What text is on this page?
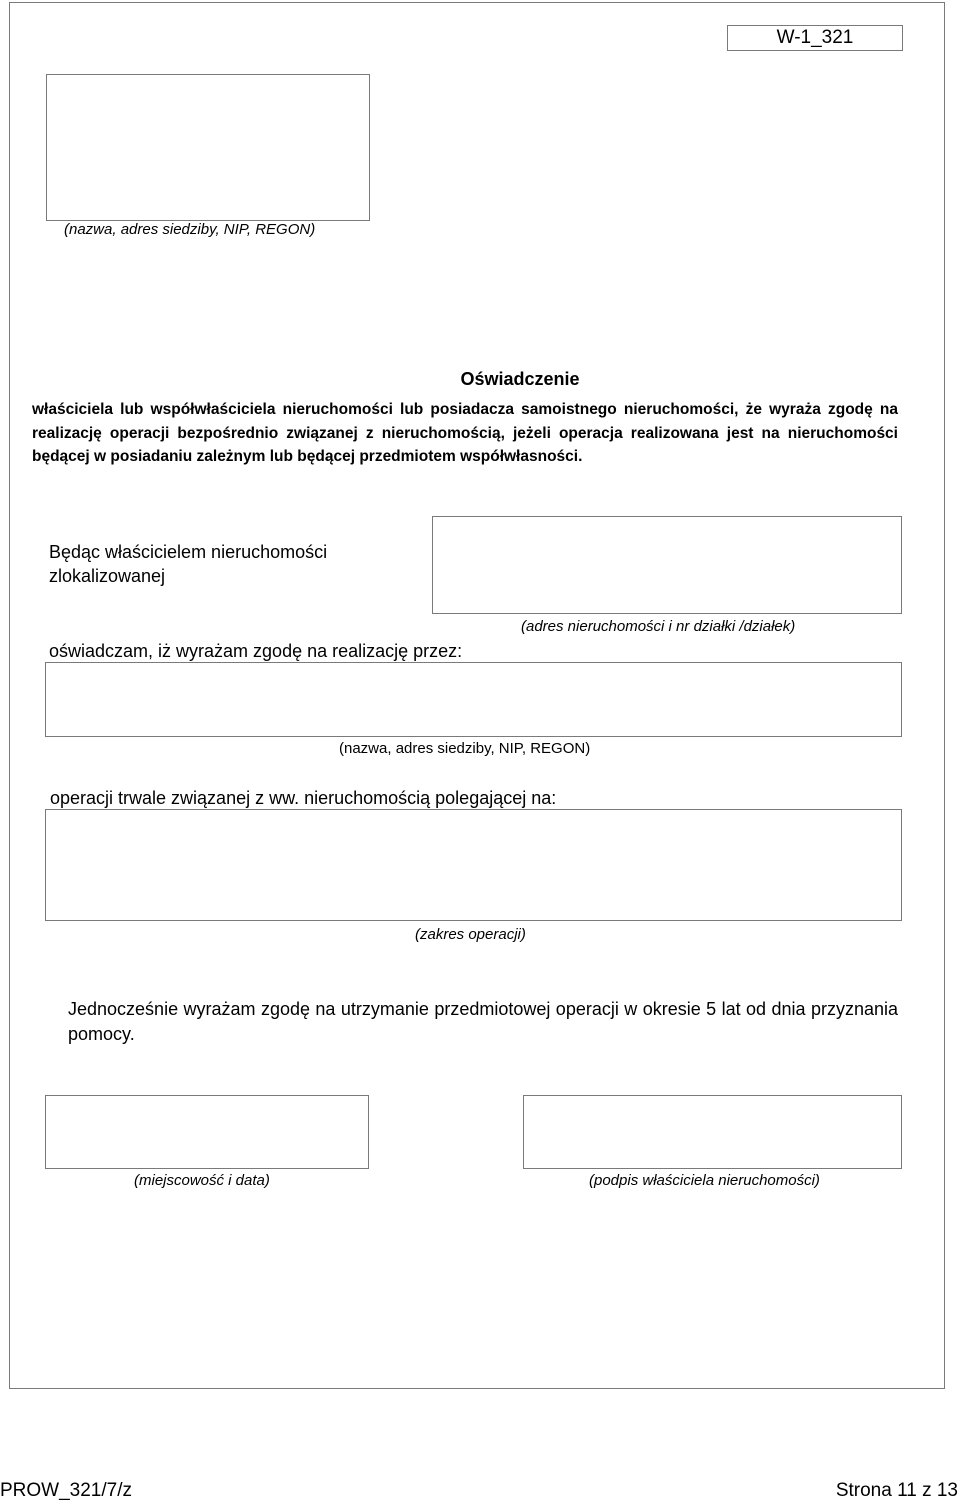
W-1_321
(nazwa, adres siedziby, NIP, REGON)
Oświadczenie
właściciela lub współwłaściciela nieruchomości lub posiadacza samoistnego nieruchomości, że wyraża zgodę na realizację operacji bezpośrednio związanej z nieruchomością, jeżeli operacja realizowana jest na nieruchomości będącej w posiadaniu zależnym lub będącej przedmiotem współwłasności.
Będąc właścicielem nieruchomości zlokalizowanej
(adres nieruchomości i nr działki /działek)
oświadczam, iż wyrażam zgodę na realizację przez:
(nazwa, adres siedziby, NIP, REGON)
operacji trwale związanej z ww. nieruchomością polegającej na:
(zakres operacji)
Jednocześnie wyrażam zgodę na utrzymanie przedmiotowej operacji w okresie 5 lat od dnia przyznania pomocy.
(miejscowość i data)	(podpis właściciela nieruchomości)
PROW_321/7/z	Strona 11 z 13
